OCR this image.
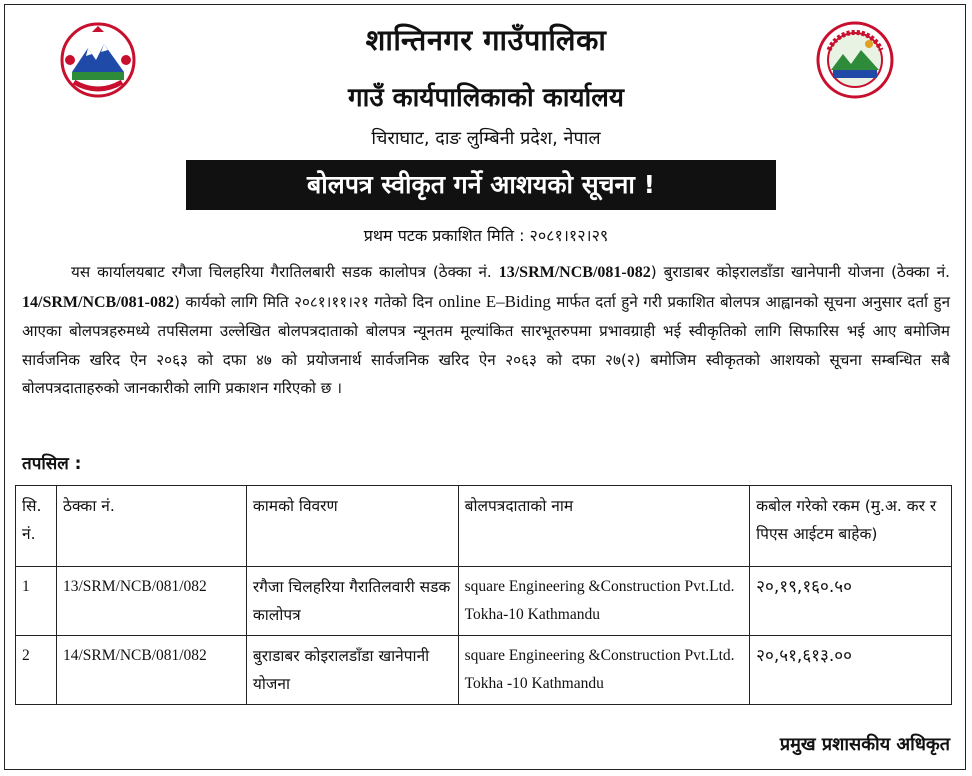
शान्तिनगर गाउँपालिका
गाउँ कार्यपालिकाको कार्यालय
चिराघाट, दाङ लुम्बिनी प्रदेश, नेपाल
बोलपत्र स्वीकृत गर्ने आशयको सूचना !
प्रथम पटक प्रकाशित मिति : २०८१।१२।२९
यस कार्यालयबाट रगैजा चिलहरिया गैरातिलबारी सडक कालोपत्र (ठेक्का नं. 13/SRM/NCB/081-082) बुराडाबर कोइरालडाँडा खानेपानी योजना (ठेक्का नं. 14/SRM/NCB/081-082) कार्यको लागि मिति २०८१।११।२१ गतेको दिन online E–Biding मार्फत दर्ता हुने गरी प्रकाशित बोलपत्र आह्वानको सूचना अनुसार दर्ता हुन आएका बोलपत्रहरुमध्ये तपसिलमा उल्लेखित बोलपत्रदाताको बोलपत्र न्यूनतम मूल्यांकित सारभूतरुपमा प्रभावग्राही भई स्वीकृतिको लागि सिफारिस भई आए बमोजिम सार्वजनिक खरिद ऐन २०६३ को दफा ४७ को प्रयोजनार्थ सार्वजनिक खरिद ऐन २०६३ को दफा २७(२) बमोजिम स्वीकृतको आशयको सूचना सम्बन्धित सबै बोलपत्रदाताहरुको जानकारीको लागि प्रकाशन गरिएको छ ।
तपसिल :
सि. नं.	ठेक्का नं.	कामको विवरण	बोलपत्रदाताको नाम	कबोल गरेको रकम (मु.अ. कर र पिएस आईटम बाहेक)
1	13/SRM/NCB/081/082	रगैजा चिलहरिया गैरातिलवारी सडक कालोपत्र	square Engineering &Construction Pvt.Ltd. Tokha-10 Kathmandu	२०,१९,१६०.५०
2	14/SRM/NCB/081/082	बुराडाबर कोइरालडाँडा खानेपानी योजना	square Engineering &Construction Pvt.Ltd. Tokha -10 Kathmandu	२०,५१,६१३.००
प्रमुख प्रशासकीय अधिकृत
